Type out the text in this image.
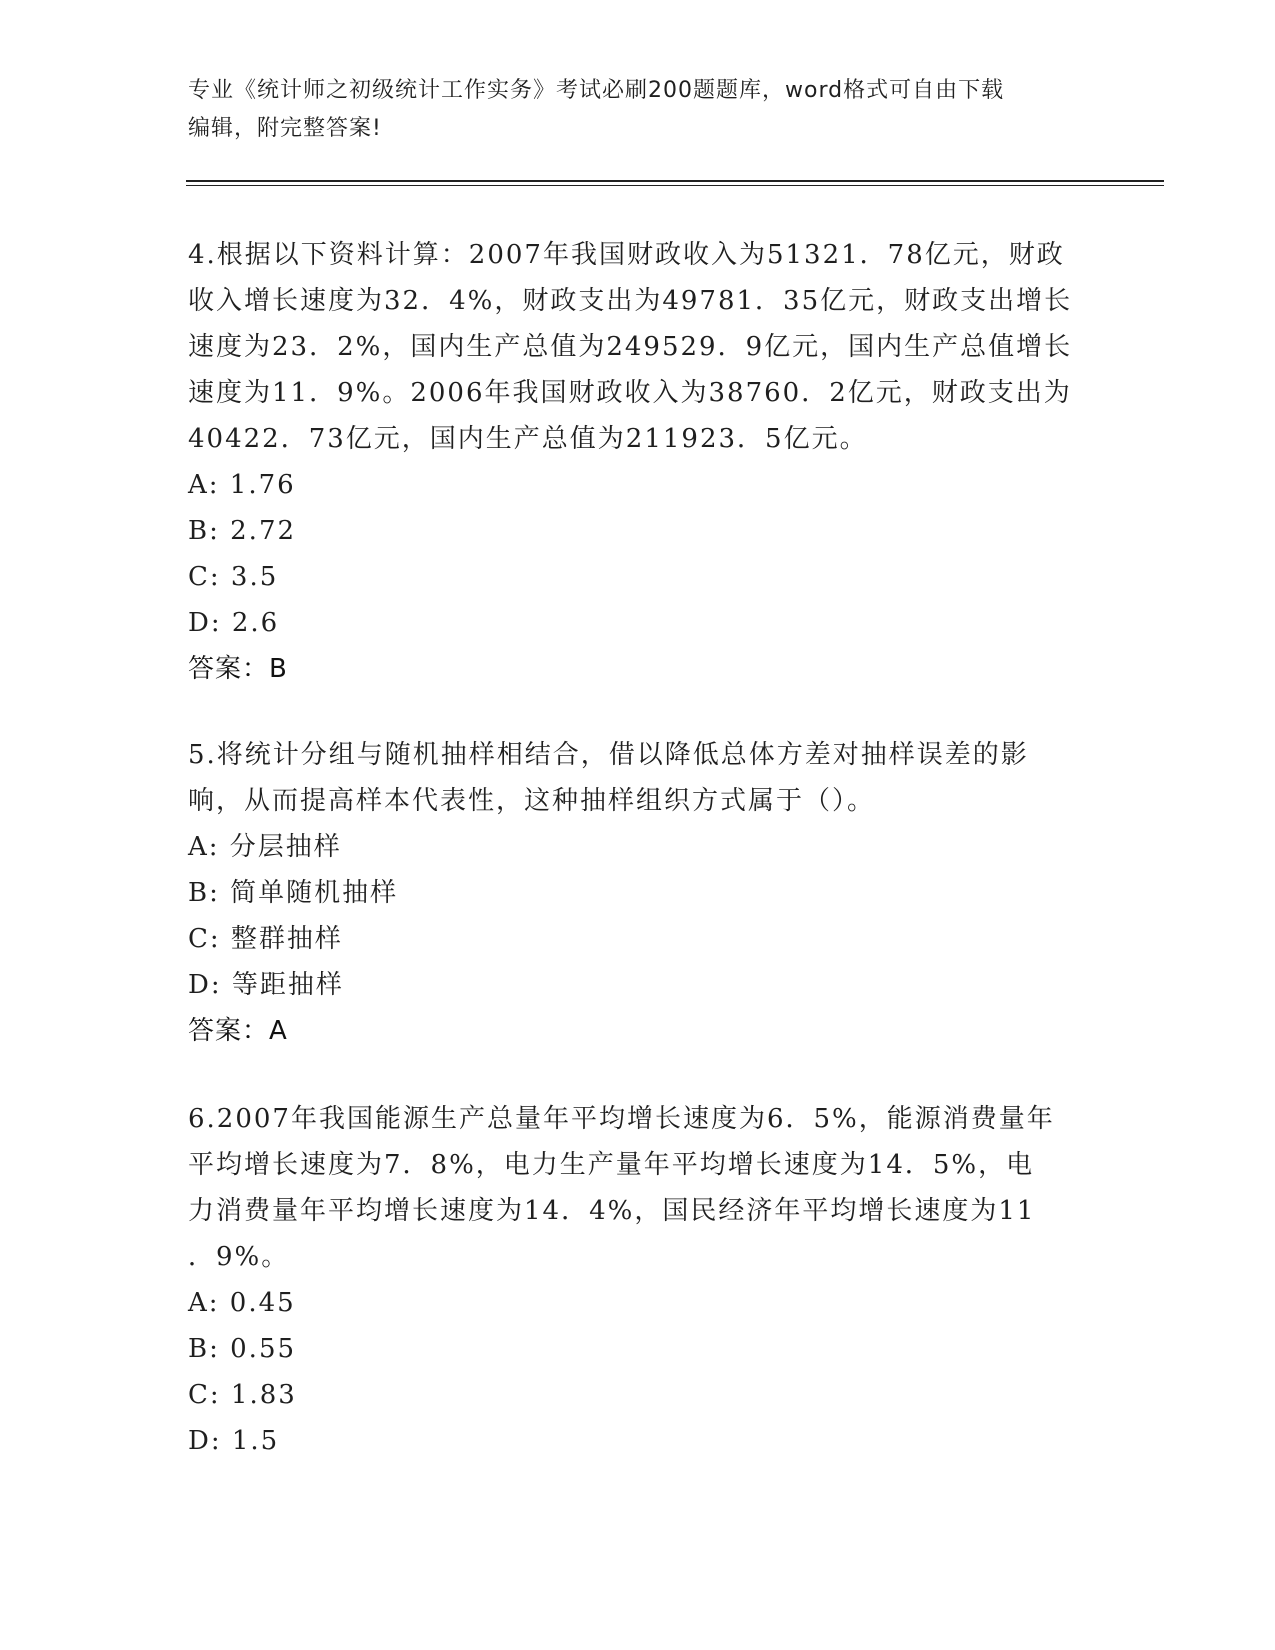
专业《统计师之初级统计工作实务》考试必刷200题题库，word格式可自由下载
编辑，附完整答案!
4.根据以下资料计算：2007年我国财政收入为51321．78亿元，财政
收入增长速度为32．4%，财政支出为49781．35亿元，财政支出增长
速度为23．2%，国内生产总值为249529．9亿元，国内生产总值增长
速度为11．9%。2006年我国财政收入为38760．2亿元，财政支出为
40422．73亿元，国内生产总值为211923．5亿元。
A: 1.76
B: 2.72
C: 3.5
D: 2.6
答案：B
5.将统计分组与随机抽样相结合，借以降低总体方差对抽样误差的影
响，从而提高样本代表性，这种抽样组织方式属于（）。
A: 分层抽样
B: 简单随机抽样
C: 整群抽样
D: 等距抽样
答案：A
6.2007年我国能源生产总量年平均增长速度为6．5%，能源消费量年
平均增长速度为7．8%，电力生产量年平均增长速度为14．5%，电
力消费量年平均增长速度为14．4%，国民经济年平均增长速度为11
．9%。
A: 0.45
B: 0.55
C: 1.83
D: 1.5
